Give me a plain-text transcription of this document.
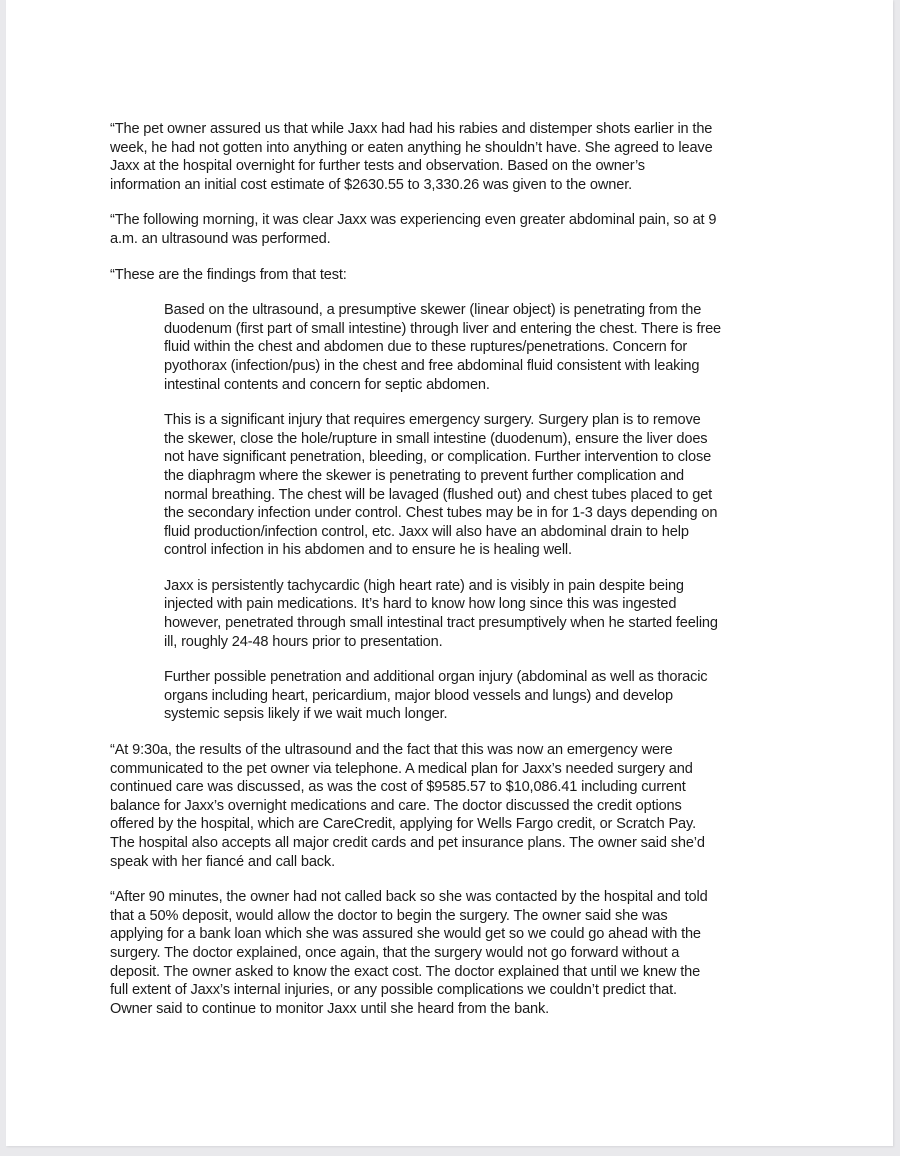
“The pet owner assured us that while Jaxx had had his rabies and distemper shots earlier in the
week, he had not gotten into anything or eaten anything he shouldn’t have. She agreed to leave
Jaxx at the hospital overnight for further tests and observation. Based on the owner’s
information an initial cost estimate of $2630.55 to 3,330.26 was given to the owner.
“The following morning, it was clear Jaxx was experiencing even greater abdominal pain, so at 9
a.m. an ultrasound was performed.
“These are the findings from that test:
Based on the ultrasound, a presumptive skewer (linear object) is penetrating from the
duodenum (first part of small intestine) through liver and entering the chest. There is free
fluid within the chest and abdomen due to these ruptures/penetrations. Concern for
pyothorax (infection/pus) in the chest and free abdominal fluid consistent with leaking
intestinal contents and concern for septic abdomen.
This is a significant injury that requires emergency surgery. Surgery plan is to remove
the skewer, close the hole/rupture in small intestine (duodenum), ensure the liver does
not have significant penetration, bleeding, or complication. Further intervention to close
the diaphragm where the skewer is penetrating to prevent further complication and
normal breathing. The chest will be lavaged (flushed out) and chest tubes placed to get
the secondary infection under control. Chest tubes may be in for 1-3 days depending on
fluid production/infection control, etc. Jaxx will also have an abdominal drain to help
control infection in his abdomen and to ensure he is healing well.
Jaxx is persistently tachycardic (high heart rate) and is visibly in pain despite being
injected with pain medications. It’s hard to know how long since this was ingested
however, penetrated through small intestinal tract presumptively when he started feeling
ill, roughly 24-48 hours prior to presentation.
Further possible penetration and additional organ injury (abdominal as well as thoracic
organs including heart, pericardium, major blood vessels and lungs) and develop
systemic sepsis likely if we wait much longer.
“At 9:30a, the results of the ultrasound and the fact that this was now an emergency were
communicated to the pet owner via telephone. A medical plan for Jaxx’s needed surgery and
continued care was discussed, as was the cost of $9585.57 to $10,086.41 including current
balance for Jaxx’s overnight medications and care. The doctor discussed the credit options
offered by the hospital, which are CareCredit, applying for Wells Fargo credit, or Scratch Pay.
The hospital also accepts all major credit cards and pet insurance plans. The owner said she’d
speak with her fiancé and call back.
“After 90 minutes, the owner had not called back so she was contacted by the hospital and told
that a 50% deposit, would allow the doctor to begin the surgery. The owner said she was
applying for a bank loan which she was assured she would get so we could go ahead with the
surgery. The doctor explained, once again, that the surgery would not go forward without a
deposit. The owner asked to know the exact cost. The doctor explained that until we knew the
full extent of Jaxx’s internal injuries, or any possible complications we couldn’t predict that.
Owner said to continue to monitor Jaxx until she heard from the bank.
